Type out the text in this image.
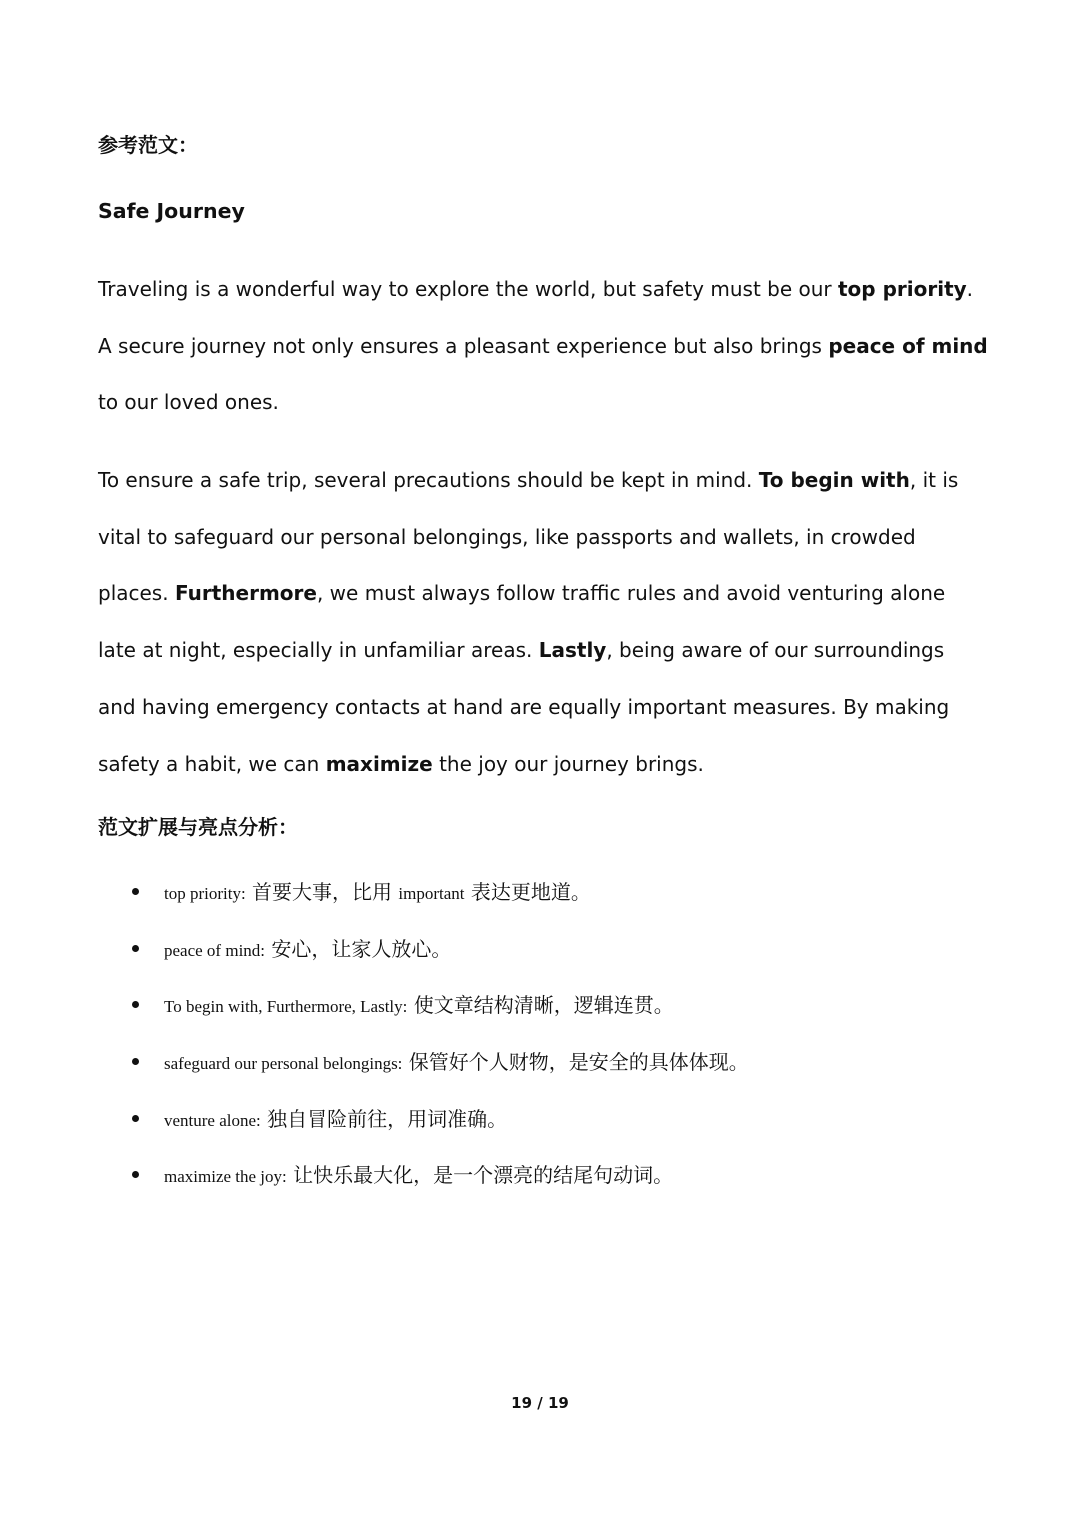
参考范文：
Safe Journey

Traveling is a wonderful way to explore the world, but safety must be our top priority. A secure journey not only ensures a pleasant experience but also brings peace of mind to our loved ones.

To ensure a safe trip, several precautions should be kept in mind. To begin with, it is vital to safeguard our personal belongings, like passports and wallets, in crowded places. Furthermore, we must always follow traffic rules and avoid venturing alone late at night, especially in unfamiliar areas. Lastly, being aware of our surroundings and having emergency contacts at hand are equally important measures. By making safety a habit, we can maximize the joy our journey brings.

范文扩展与亮点分析：
top priority: 首要大事，比用 important 表达更地道。
peace of mind: 安心，让家人放心。
To begin with, Furthermore, Lastly: 使文章结构清晰，逻辑连贯。
safeguard our personal belongings: 保管好个人财物，是安全的具体体现。
venture alone: 独自冒险前往，用词准确。
maximize the joy: 让快乐最大化，是一个漂亮的结尾句动词。
19 / 19
